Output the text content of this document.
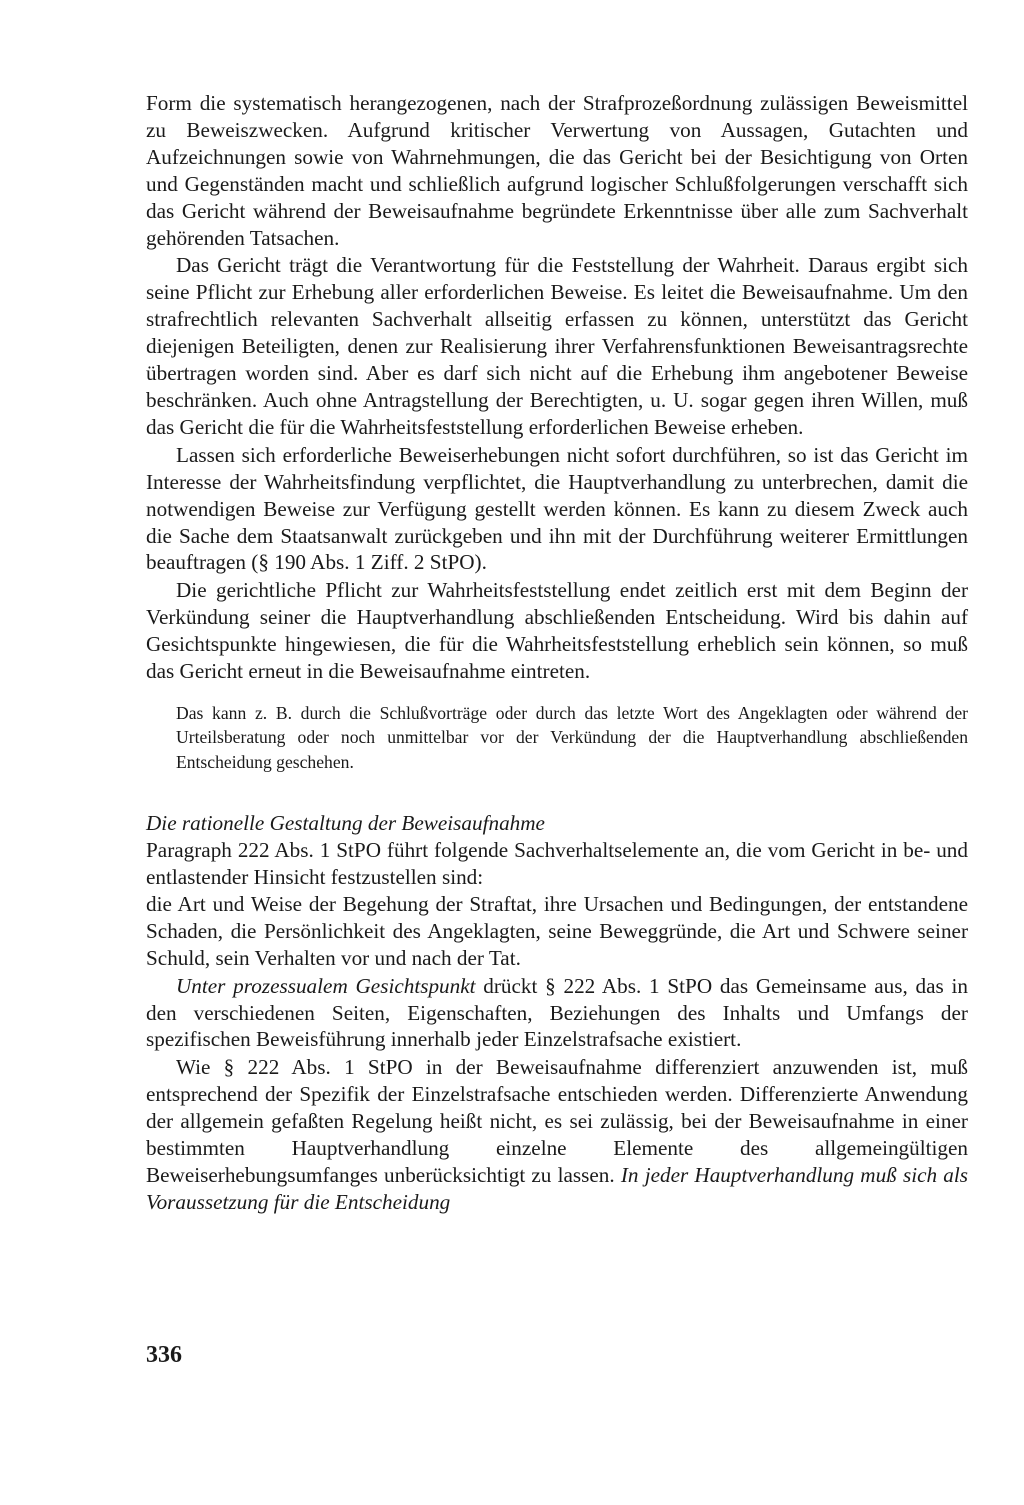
Form die systematisch herangezogenen, nach der Strafprozeßordnung zulässigen Beweismittel zu Beweiszwecken. Aufgrund kritischer Verwertung von Aussagen, Gutachten und Aufzeichnungen sowie von Wahrnehmungen, die das Gericht bei der Besichtigung von Orten und Gegenständen macht und schließlich aufgrund logischer Schlußfolgerungen verschafft sich das Gericht während der Beweisaufnahme begründete Erkenntnisse über alle zum Sachverhalt gehörenden Tatsachen.

Das Gericht trägt die Verantwortung für die Feststellung der Wahrheit. Daraus ergibt sich seine Pflicht zur Erhebung aller erforderlichen Beweise. Es leitet die Beweisaufnahme. Um den strafrechtlich relevanten Sachverhalt allseitig erfassen zu können, unterstützt das Gericht diejenigen Beteiligten, denen zur Realisierung ihrer Verfahrensfunktionen Beweisantragsrechte übertragen worden sind. Aber es darf sich nicht auf die Erhebung ihm angebotener Beweise beschränken. Auch ohne Antragstellung der Berechtigten, u. U. sogar gegen ihren Willen, muß das Gericht die für die Wahrheitsfeststellung erforderlichen Beweise erheben.

Lassen sich erforderliche Beweiserhebungen nicht sofort durchführen, so ist das Gericht im Interesse der Wahrheitsfindung verpflichtet, die Hauptverhandlung zu unterbrechen, damit die notwendigen Beweise zur Verfügung gestellt werden können. Es kann zu diesem Zweck auch die Sache dem Staatsanwalt zurückgeben und ihn mit der Durchführung weiterer Ermittlungen beauftragen (§ 190 Abs. 1 Ziff. 2 StPO).

Die gerichtliche Pflicht zur Wahrheitsfeststellung endet zeitlich erst mit dem Beginn der Verkündung seiner die Hauptverhandlung abschließenden Entscheidung. Wird bis dahin auf Gesichtspunkte hingewiesen, die für die Wahrheitsfeststellung erheblich sein können, so muß das Gericht erneut in die Beweisaufnahme eintreten.

Das kann z. B. durch die Schlußvorträge oder durch das letzte Wort des Angeklagten oder während der Urteilsberatung oder noch unmittelbar vor der Verkündung der die Hauptverhandlung abschließenden Entscheidung geschehen.

Die rationelle Gestaltung der Beweisaufnahme

Paragraph 222 Abs. 1 StPO führt folgende Sachverhaltselemente an, die vom Gericht in be- und entlastender Hinsicht festzustellen sind:

die Art und Weise der Begehung der Straftat, ihre Ursachen und Bedingungen, der entstandene Schaden, die Persönlichkeit des Angeklagten, seine Beweggründe, die Art und Schwere seiner Schuld, sein Verhalten vor und nach der Tat.

Unter prozessualem Gesichtspunkt drückt § 222 Abs. 1 StPO das Gemeinsame aus, das in den verschiedenen Seiten, Eigenschaften, Beziehungen des Inhalts und Umfangs der spezifischen Beweisführung innerhalb jeder Einzelstrafsache existiert.

Wie § 222 Abs. 1 StPO in der Beweisaufnahme differenziert anzuwenden ist, muß entsprechend der Spezifik der Einzelstrafsache entschieden werden. Differenzierte Anwendung der allgemein gefaßten Regelung heißt nicht, es sei zulässig, bei der Beweisaufnahme in einer bestimmten Hauptverhandlung einzelne Elemente des allgemeingültigen Beweiserhebungsumfanges unberücksichtigt zu lassen. In jeder Hauptverhandlung muß sich als Voraussetzung für die Entscheidung

336
